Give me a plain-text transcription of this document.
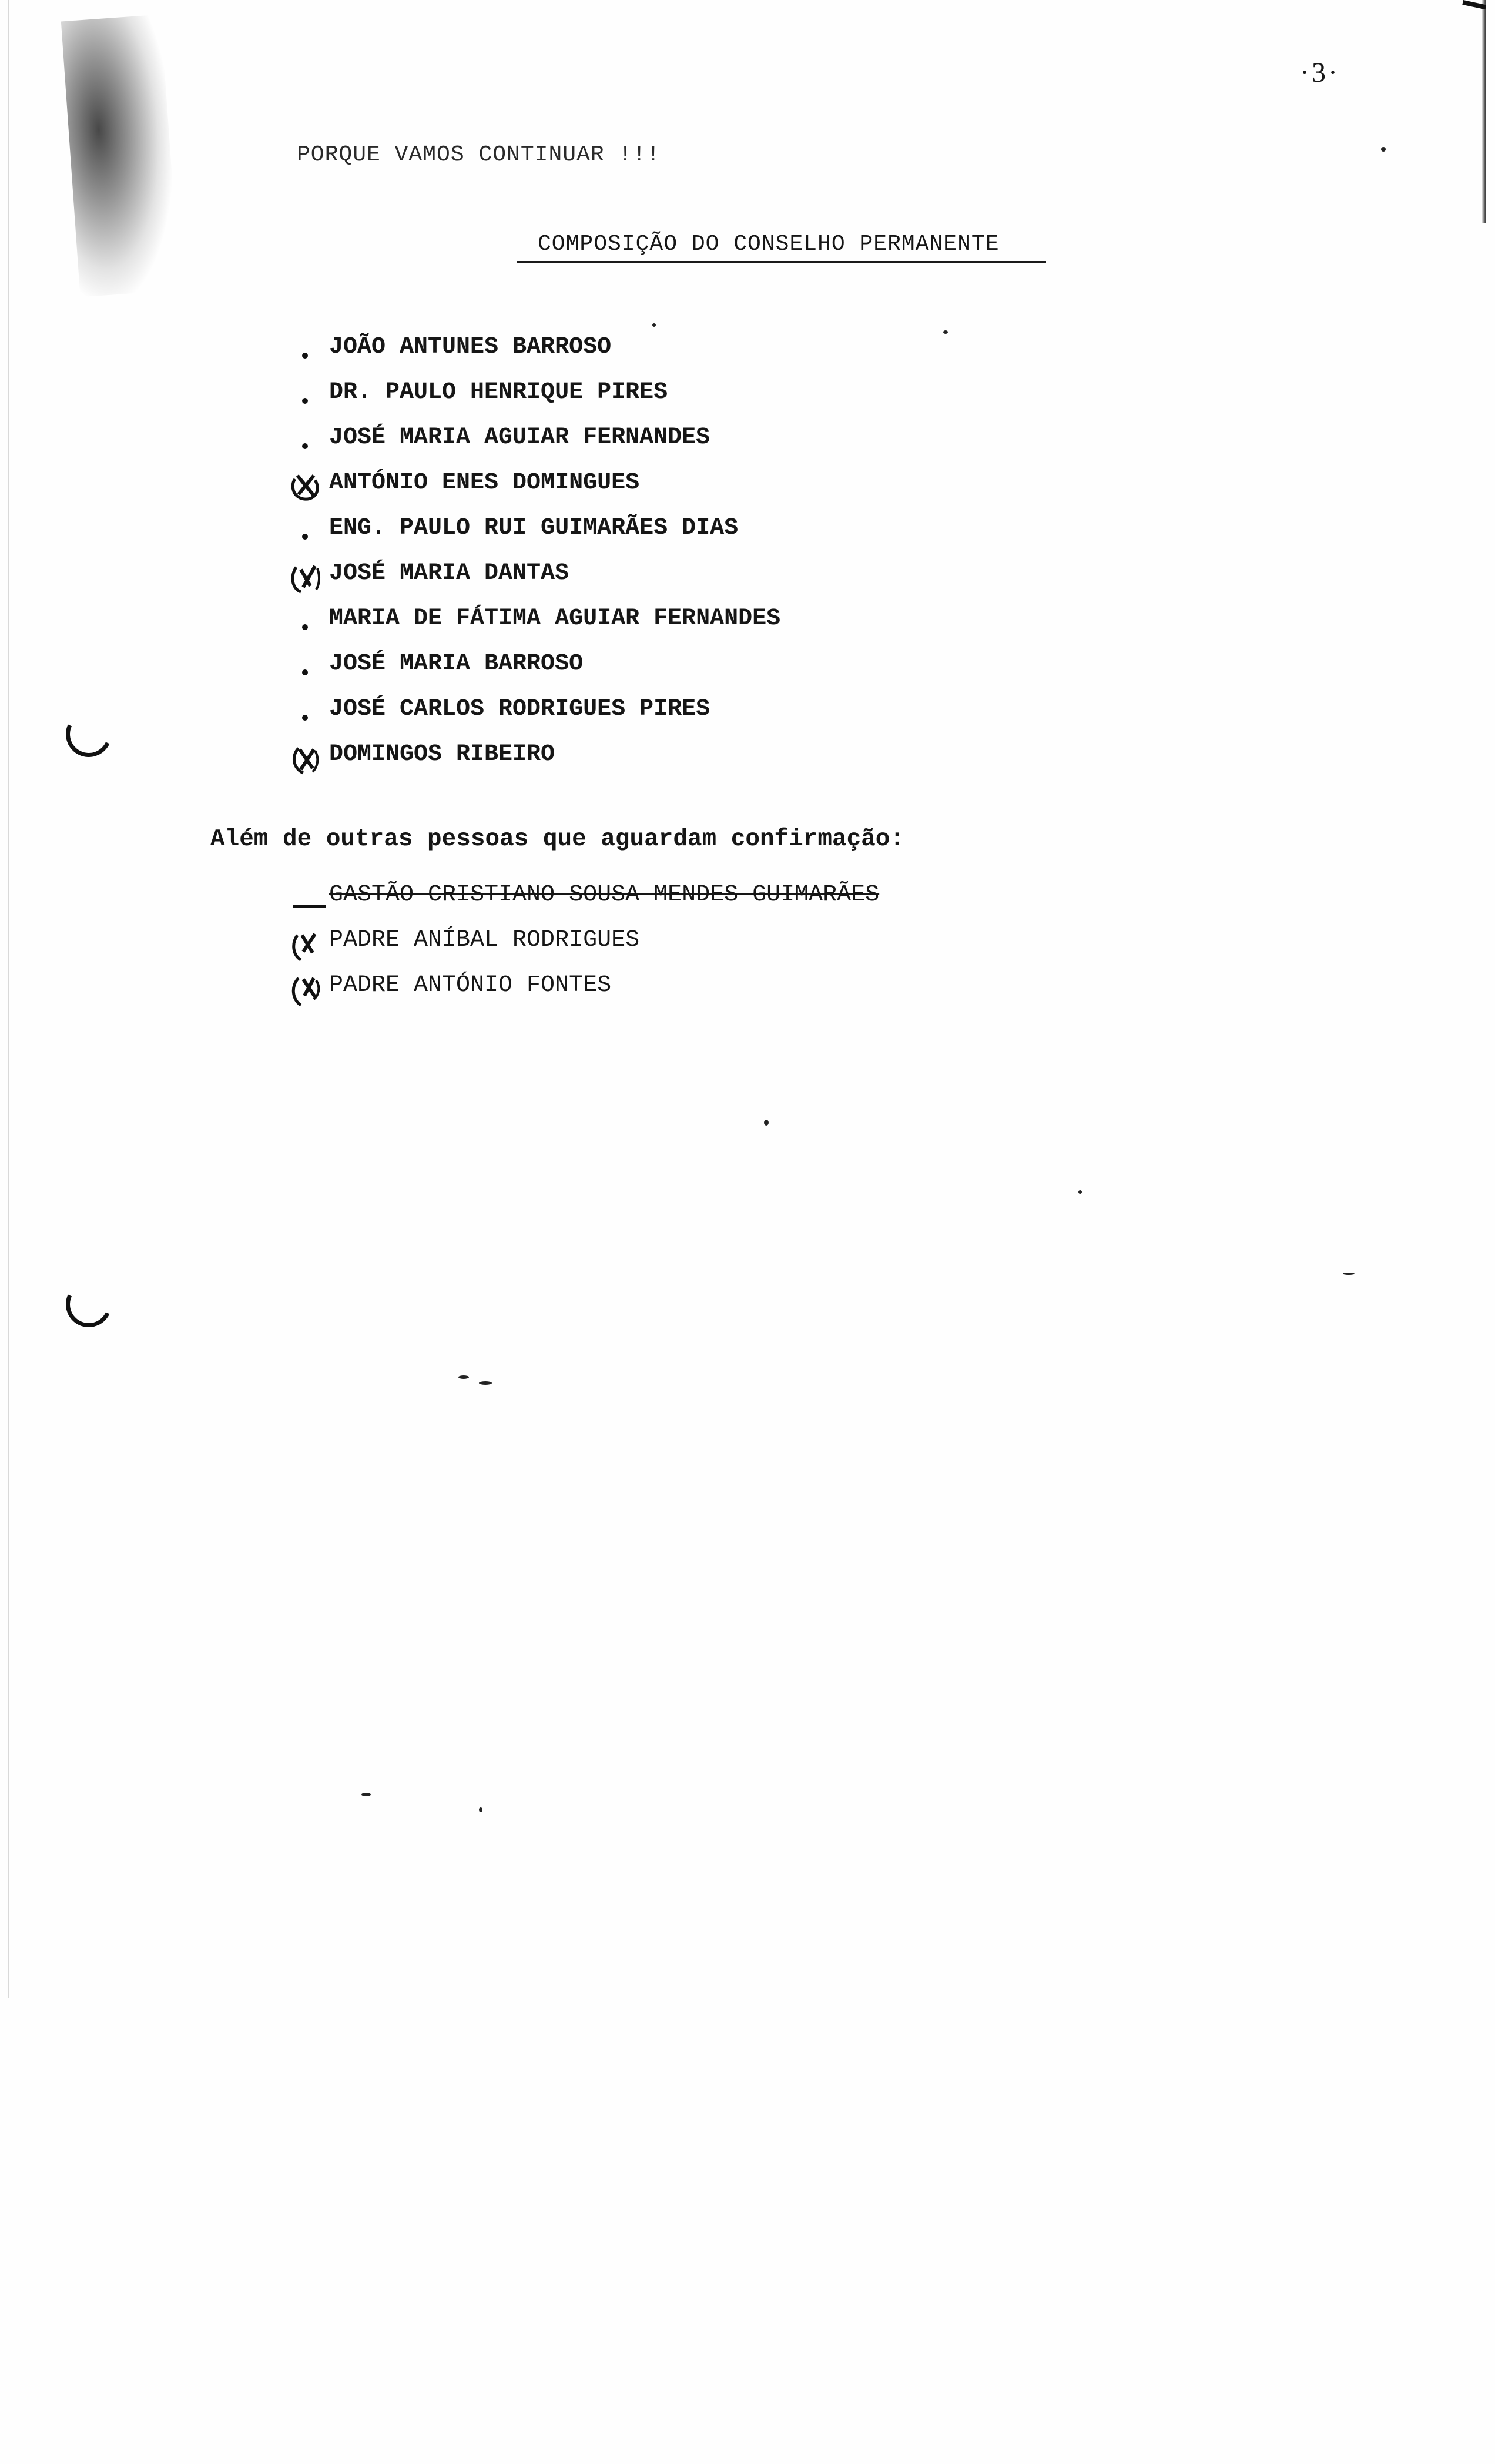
·3·
PORQUE VAMOS CONTINUAR !!!
COMPOSIÇÃO DO CONSELHO PERMANENTE
JOÃO ANTUNES BARROSO
DR. PAULO HENRIQUE PIRES
JOSÉ MARIA AGUIAR FERNANDES
ANTÓNIO ENES DOMINGUES
ENG. PAULO RUI GUIMARÃES DIAS
JOSÉ MARIA DANTAS
MARIA DE FÁTIMA AGUIAR FERNANDES
JOSÉ MARIA BARROSO
JOSÉ CARLOS RODRIGUES PIRES
DOMINGOS RIBEIRO
Além de outras pessoas que aguardam confirmação:
GASTÃO CRISTIANO SOUSA MENDES GUIMARÃES
PADRE ANÍBAL RODRIGUES
PADRE ANTÓNIO FONTES
